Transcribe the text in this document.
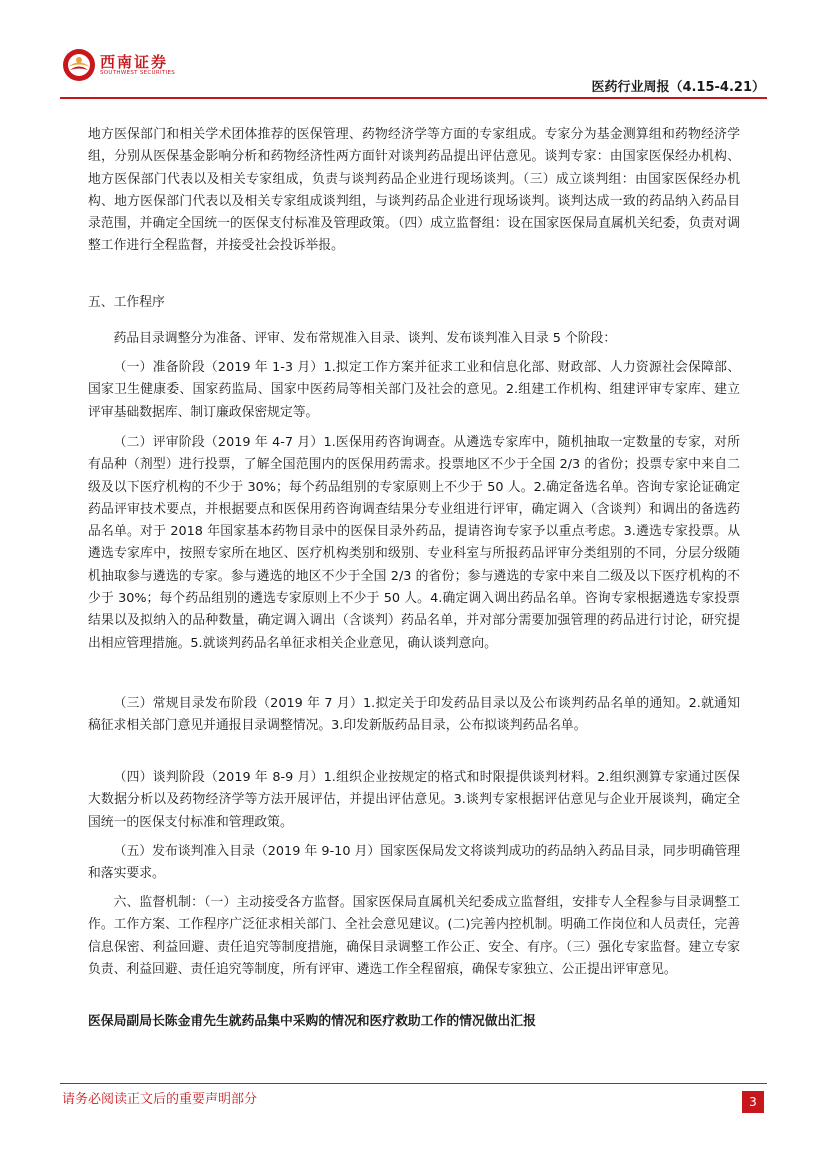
西南证券
SOUTHWEST SECURITIES
医药行业周报（4.15-4.21）

地方医保部门和相关学术团体推荐的医保管理、药物经济学等方面的专家组成。专家分为基金测算组和药物经济学组，分别从医保基金影响分析和药物经济性两方面针对谈判药品提出评估意见。谈判专家：由国家医保经办机构、地方医保部门代表以及相关专家组成，负责与谈判药品企业进行现场谈判。（三）成立谈判组：由国家医保经办机构、地方医保部门代表以及相关专家组成谈判组，与谈判药品企业进行现场谈判。谈判达成一致的药品纳入药品目录范围，并确定全国统一的医保支付标准及管理政策。（四）成立监督组：设在国家医保局直属机关纪委，负责对调整工作进行全程监督，并接受社会投诉举报。

五、工作程序

药品目录调整分为准备、评审、发布常规准入目录、谈判、发布谈判准入目录 5 个阶段：

（一）准备阶段（2019 年 1-3 月）1.拟定工作方案并征求工业和信息化部、财政部、人力资源社会保障部、国家卫生健康委、国家药监局、国家中医药局等相关部门及社会的意见。2.组建工作机构、组建评审专家库、建立评审基础数据库、制订廉政保密规定等。

（二）评审阶段（2019 年 4-7 月）1.医保用药咨询调查。从遴选专家库中，随机抽取一定数量的专家，对所有品种（剂型）进行投票，了解全国范围内的医保用药需求。投票地区不少于全国 2/3 的省份；投票专家中来自二级及以下医疗机构的不少于 30%；每个药品组别的专家原则上不少于 50 人。2.确定备选名单。咨询专家论证确定药品评审技术要点，并根据要点和医保用药咨询调查结果分专业组进行评审，确定调入（含谈判）和调出的备选药品名单。对于 2018 年国家基本药物目录中的医保目录外药品，提请咨询专家予以重点考虑。3.遴选专家投票。从遴选专家库中，按照专家所在地区、医疗机构类别和级别、专业科室与所报药品评审分类组别的不同，分层分级随机抽取参与遴选的专家。参与遴选的地区不少于全国 2/3 的省份；参与遴选的专家中来自二级及以下医疗机构的不少于 30%；每个药品组别的遴选专家原则上不少于 50 人。4.确定调入调出药品名单。咨询专家根据遴选专家投票结果以及拟纳入的品种数量，确定调入调出（含谈判）药品名单，并对部分需要加强管理的药品进行讨论，研究提出相应管理措施。5.就谈判药品名单征求相关企业意见，确认谈判意向。

（三）常规目录发布阶段（2019 年 7 月）1.拟定关于印发药品目录以及公布谈判药品名单的通知。2.就通知稿征求相关部门意见并通报目录调整情况。3.印发新版药品目录，公布拟谈判药品名单。

（四）谈判阶段（2019 年 8-9 月）1.组织企业按规定的格式和时限提供谈判材料。2.组织测算专家通过医保大数据分析以及药物经济学等方法开展评估，并提出评估意见。3.谈判专家根据评估意见与企业开展谈判，确定全国统一的医保支付标准和管理政策。

（五）发布谈判准入目录（2019 年 9-10 月）国家医保局发文将谈判成功的药品纳入药品目录，同步明确管理和落实要求。

六、监督机制：（一）主动接受各方监督。国家医保局直属机关纪委成立监督组，安排专人全程参与目录调整工作。工作方案、工作程序广泛征求相关部门、全社会意见建议。(二)完善内控机制。明确工作岗位和人员责任，完善信息保密、利益回避、责任追究等制度措施，确保目录调整工作公正、安全、有序。（三）强化专家监督。建立专家负责、利益回避、责任追究等制度，所有评审、遴选工作全程留痕，确保专家独立、公正提出评审意见。

医保局副局长陈金甫先生就药品集中采购的情况和医疗救助工作的情况做出汇报
请务必阅读正文后的重要声明部分	3
